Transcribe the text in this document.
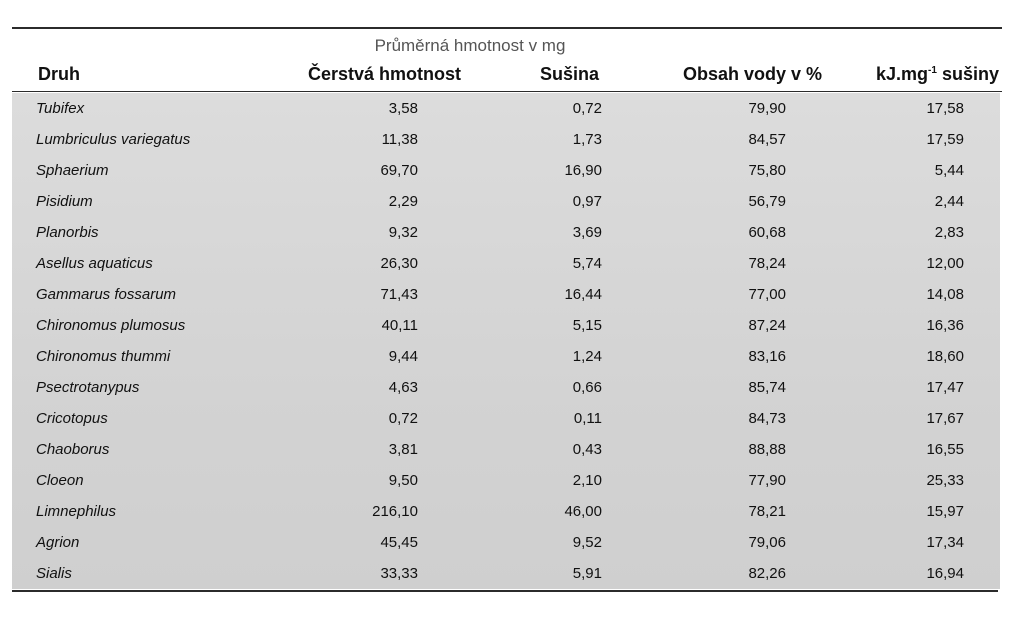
Průměrná hmotnost v mg
Druh	Čerstvá hmotnost	Sušina	Obsah vody v %	$kJ.mg^{-1}$ sušiny
Tubifex	3,58	0,72	79,90	17,58
Lumbriculus variegatus	11,38	1,73	84,57	17,59
Sphaerium	69,70	16,90	75,80	5,44
Pisidium	2,29	0,97	56,79	2,44
Planorbis	9,32	3,69	60,68	2,83
Asellus aquaticus	26,30	5,74	78,24	12,00
Gammarus fossarum	71,43	16,44	77,00	14,08
Chironomus plumosus	40,11	5,15	87,24	16,36
Chironomus thummi	9,44	1,24	83,16	18,60
Psectrotanypus	4,63	0,66	85,74	17,47
Cricotopus	0,72	0,11	84,73	17,67
Chaoborus	3,81	0,43	88,88	16,55
Cloeon	9,50	2,10	77,90	25,33
Limnephilus	216,10	46,00	78,21	15,97
Agrion	45,45	9,52	79,06	17,34
Sialis	33,33	5,91	82,26	16,94
